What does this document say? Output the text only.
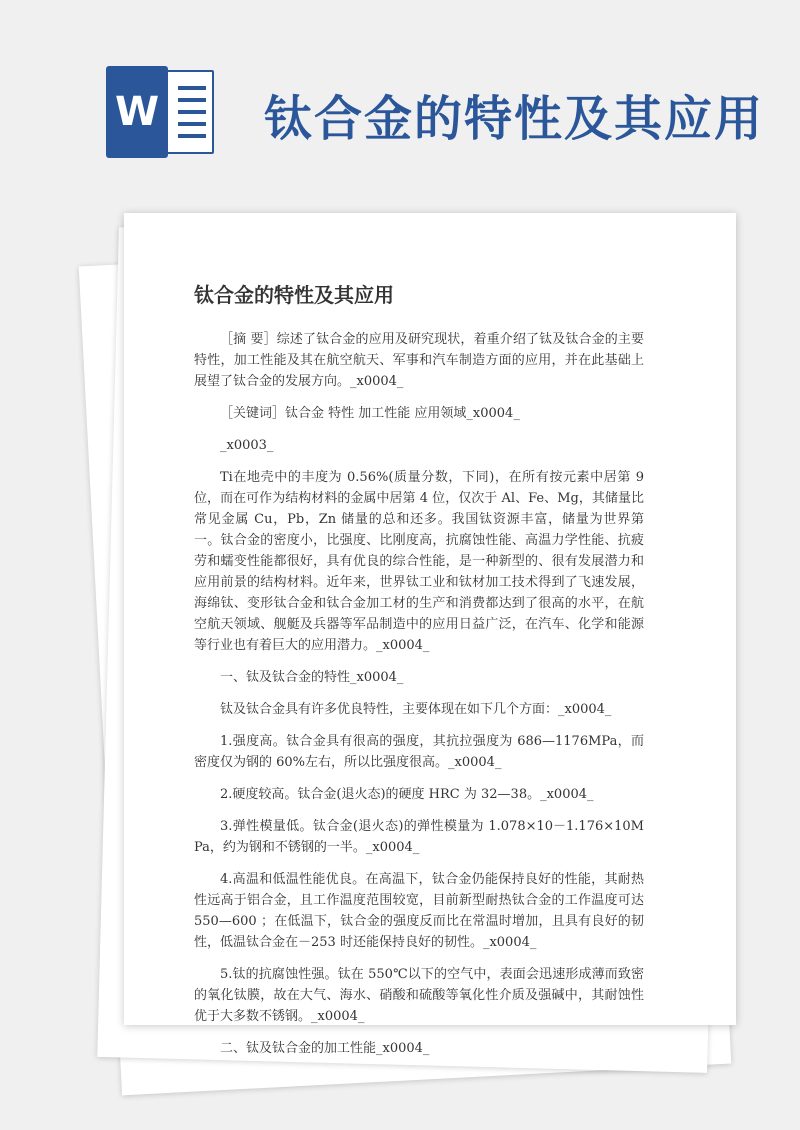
W 钛合金的特性及其应用
钛合金的特性及其应用

［摘 要］综述了钛合金的应用及研究现状，着重介绍了钛及钛合金的主要特性，加工性能及其在航空航天、军事和汽车制造方面的应用，并在此基础上展望了钛合金的发展方向。_x0004_

［关键词］钛合金 特性 加工性能 应用领域_x0004_

_x0003_

Ti在地壳中的丰度为 0.56%(质量分数，下同)，在所有按元素中居第 9 位，而在可作为结构材料的金属中居第 4 位，仅次于 Al、Fe、Mg，其储量比常见金属 Cu，Pb，Zn 储量的总和还多。我国钛资源丰富，储量为世界第一。钛合金的密度小，比强度、比刚度高，抗腐蚀性能、高温力学性能、抗疲劳和蠕变性能都很好，具有优良的综合性能，是一种新型的、很有发展潜力和应用前景的结构材料。近年来，世界钛工业和钛材加工技术得到了飞速发展，海绵钛、变形钛合金和钛合金加工材的生产和消费都达到了很高的水平，在航空航天领域、舰艇及兵器等军品制造中的应用日益广泛，在汽车、化学和能源等行业也有着巨大的应用潜力。_x0004_

一、钛及钛合金的特性_x0004_

钛及钛合金具有许多优良特性，主要体现在如下几个方面：_x0004_

1.强度高。钛合金具有很高的强度，其抗拉强度为 686—1176MPa，而密度仅为钢的 60%左右，所以比强度很高。_x0004_

2.硬度较高。钛合金(退火态)的硬度 HRC 为 32—38。_x0004_

3.弹性模量低。钛合金(退火态)的弹性模量为 1.078×10－1.176×10MPa，约为钢和不锈钢的一半。_x0004_

4.高温和低温性能优良。在高温下，钛合金仍能保持良好的性能，其耐热性远高于铝合金，且工作温度范围较宽，目前新型耐热钛合金的工作温度可达 550—600 ；在低温下，钛合金的强度反而比在常温时增加，且具有良好的韧性，低温钛合金在－253 时还能保持良好的韧性。_x0004_

5.钛的抗腐蚀性强。钛在 550℃以下的空气中，表面会迅速形成薄而致密的氧化钛膜，故在大气、海水、硝酸和硫酸等氧化性介质及强碱中，其耐蚀性优于大多数不锈钢。_x0004_

二、钛及钛合金的加工性能_x0004_
